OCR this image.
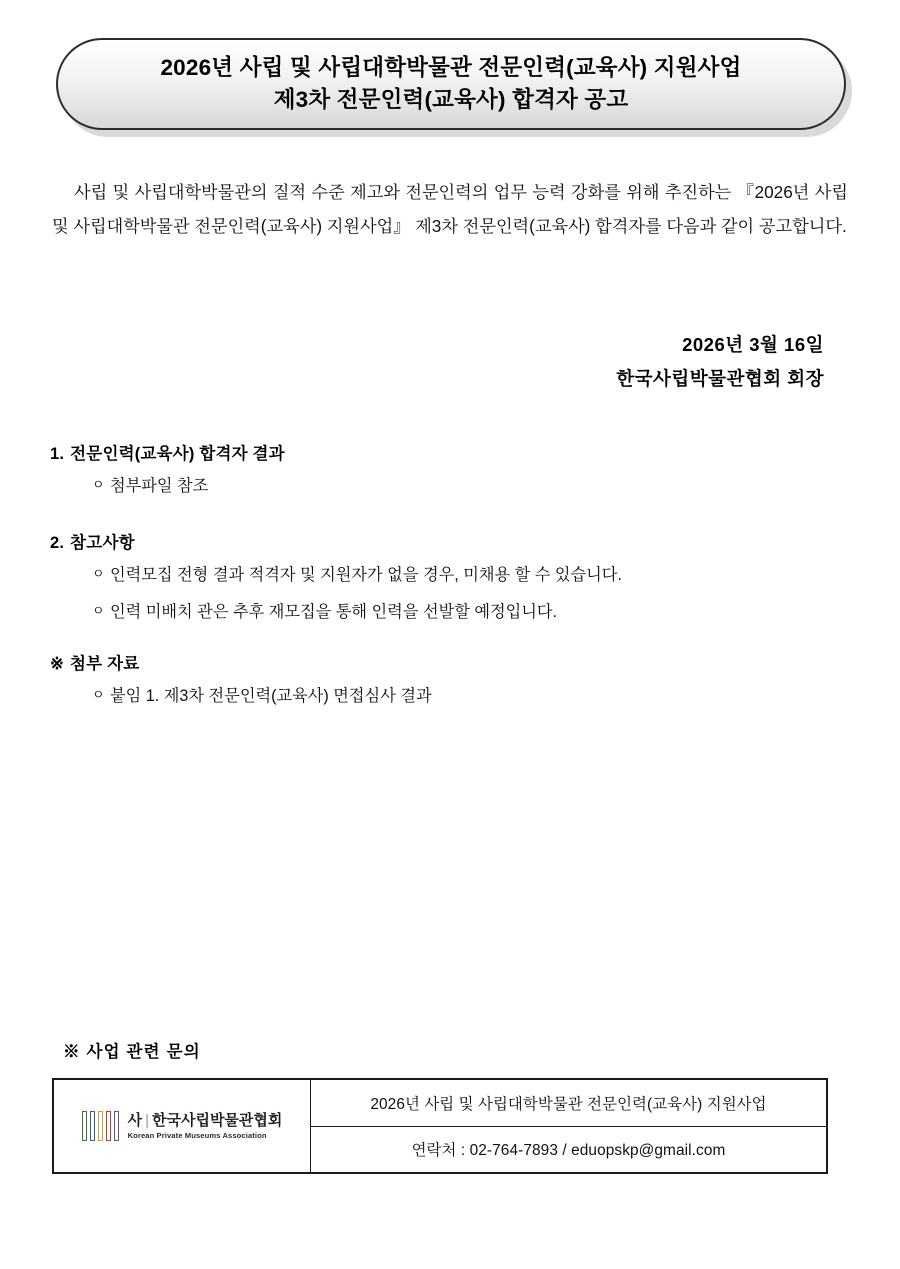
2026년 사립 및 사립대학박물관 전문인력(교육사) 지원사업
제3차 전문인력(교육사) 합격자 공고
사립 및 사립대학박물관의 질적 수준 제고와 전문인력의 업무 능력 강화를 위해 추진하는 『2026년 사립 및 사립대학박물관 전문인력(교육사) 지원사업』 제3차 전문인력(교육사) 합격자를 다음과 같이 공고합니다.
2026년 3월 16일
한국사립박물관협회 회장
1. 전문인력(교육사) 합격자 결과
ㅇ 첨부파일 참조
2. 참고사항
ㅇ 인력모집 전형 결과 적격자 및 지원자가 없을 경우, 미채용 할 수 있습니다.
ㅇ 인력 미배치 관은 추후 재모집을 통해 인력을 선발할 예정입니다.
※ 첨부 자료
ㅇ 붙임 1. 제3차 전문인력(교육사) 면접심사 결과
※ 사업 관련 문의
사 | 한국사립박물관협회
Korean Private Museums Association
	2026년 사립 및 사립대학박물관 전문인력(교육사) 지원사업
연락처 : 02-764-7893 / eduopskp@gmail.com
